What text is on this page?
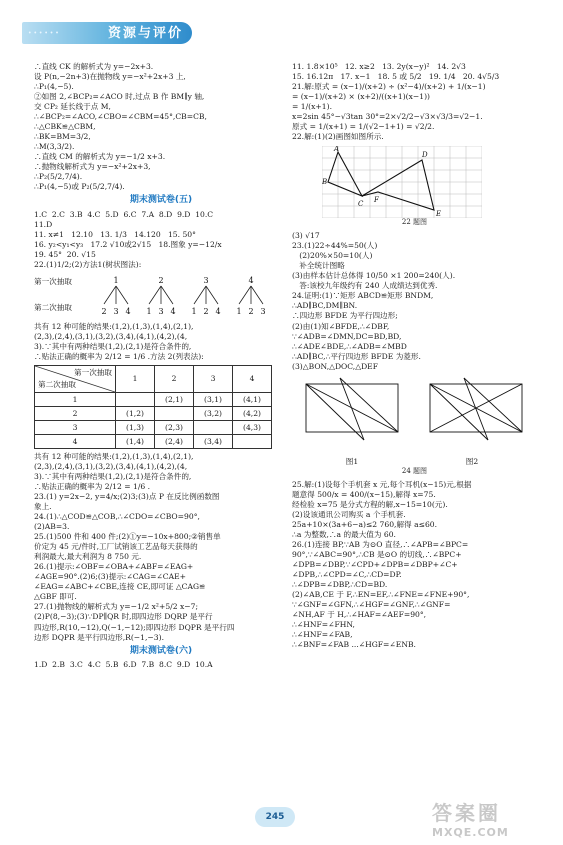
• • • • • •	资源与评价

∴直线 CK 的解析式为 y=−2x+3.

设 P(n,−2n+3)在抛物线 y=−x²+2x+3 上,

∴P₁(4,−5).

②如图 2,∠BCP₂=∠ACO 时,过点 B 作 BM∥y 轴,

交 CP₂ 延长线于点 M,

∴∠BCP₂=∠ACO,∠CBO=∠CBM=45°,CB=CB,

∴△CBK≌△CBM,

∴BK=BM=3/2,

∴M(3,3/2).

∴直线 CM 的解析式为 y=−1/2 x+3.

∴抛物线解析式为 y=−x²+2x+3,

∴P₂(5/2,7/4).

∴P₁(4,−5)或 P₂(5/2,7/4).

期末测试卷(五)

1.C  2.C  3.B  4.C  5.D  6.C  7.A  8.D  9.D  10.C

11.D

11. x≠1   12.10   13. 1/3   14.120   15. 50°

16. y₂<y₁<y₃   17.2 √10或2√15   18.图象 y=−12/x

19. 45°  20. √15

22.(1)1/2;(2)方法1(树状图法):

第一次抽取
第二次抽取
1	2	3	4
2 3 4 1 3 4 1 2 4 1 2 3

共有 12 种可能的结果:(1,2),(1,3),(1,4),(2,1),

(2,3),(2,4),(3,1),(3,2),(3,4),(4,1),(4,2),(4,

3).∵其中有两种结果(1,2),(2,1)是符合条件的,

∴贴法正确的概率为 2/12 = 1/6 .方法 2(列表法):

第一次抽取
第二次抽取	1	2	3	4
1		(2,1)	(3,1)	(4,1)
2	(1,2)		(3,2)	(4,2)
3	(1,3)	(2,3)		(4,3)
4	(1,4)	(2,4)	(3,4)	

共有 12 种可能的结果:(1,2),(1,3),(1,4),(2,1),

(2,3),(2,4),(3,1),(3,2),(3,4),(4,1),(4,2),(4,

3).∵其中有两种结果(1,2),(2,1)是符合条件的,

∴贴法正确的概率为 2/12 = 1/6 .

23.(1) y=2x−2, y=4/x;(2)3;(3)点 P 在反比例函数图

象上.

24.(1)∴△COD≌△COB,∴∠CDO=∠CBO=90°,

(2)AB=3.

25.(1)500 件和 400 件;(2)①y=−10x+800;②销售单

价定为 45 元/件时,工厂试销该工艺品每天获得的

利润最大,最大利润为 8 750 元.

26.(1)提示:∠OBF=∠OBA+∠ABF=∠EAG+

∠AGE=90°.(2)6;(3)提示:∠CAG=∠CAE+

∠EAG=∠ABC+∠CBE,连接 CE,即可证 △CAG≌

△GBF 即可.

27.(1)抛物线的解析式为 y=−1/2 x²+5/2 x−7;

(2)P(8,−3);(3)∵DP∥QR 时,即四边形 DQRP 是平行

四边形,R(10,−12),Q(−1,−12);即四边形 DQPR 是平行四

边形 DQPR 是平行四边形,R(−1,−3).

期末测试卷(六)

1.D  2.B  3.C  4.C  5.B  6.D  7.B  8.C  9.D  10.A

11. 1.8×10⁵   12. x≥2   13. 2y(x−y)²   14. 2√3

15. 16.12π   17. x−1   18. 5 或 5/2   19. 1/4   20. 4√5/3

21.解:原式 = (x−1)/(x+2) ÷ (x²−4)/(x+2) + 1/(x−1)

= (x−1)/(x+2) × (x+2)/((x+1)(x−1))

= 1/(x+1).

x=2sin 45°−√3tan 30°=2×√2/2−√3×√3/3=√2−1.

原式 = 1/(x+1) = 1/(√2−1+1) = √2/2.

22.解:(1)(2)画图如图所示.

A
B
C
D
E
F
22 题图

(3) √17

23.(1)22÷44%=50(人)

(2)20%×50=10(人)

补全统计图略

(3)由样本估计总体得 10/50 ×1 200=240(人).

答:该校九年级约有 240 人成绩达到优秀.

24.证明:(1)∵矩形 ABCD≌矩形 BNDM,

∴AD∥BC,DM∥BN.

∴四边形 BFDE 为平行四边形;

(2)由(1)知∠BFDE,∴∠DBF,

∵∠ADB=∠DMN,DC=BD,BD,

∴∠ADE∠BDE,∴∠ADB=∠MBD

∴AD∥BC,∴平行四边形 BFDE 为菱形.

(3)△BON,△DOC,△DEF

图1	图2
24 题图

25.解:(1)设每个手机套 x 元,每个耳机(x−15)元,根据

题意得 500/x = 400/(x−15),解得 x=75.

经检验 x=75 是分式方程的解,x−15=10(元).

(2)设该通讯公司购买 a 个手机套.

25a+10×(3a+6−a)≤2 760,解得 a≤60.

∴a 为整数,∴a 的最大值为 60.

26.(1)连接 BP,∵AB 为⊙O 直径,∴∠APB=∠BPC=

90°,∵∠ABC=90°,∴CB 是⊙O 的切线,∴∠BPC+

∠DPB=∠DBP,∵∠CPD+∠DPB=∠DBP+∠C+

∠DPB,∴∠CPD=∠C,∴CD=DP.

∴∠DPB=∠DBP,∴CD=BD.

(2)∠AB,CE 于 F,∴EN=EF,∴∠FNE=∠FNE+90°,

∵∠GNF=∠GFN,∴∠HGF=∠GNF,∴∠GNF=

∠NH,AF 于 H,∴∠HAF=∠AEF=90°,

∴∠HNF=∠FHN,

∴∠HNF=∠FAB,

∴∠BNF=∠FAB ...∠HGF=∠ENB.

245	答案圈
MXQE.COM
